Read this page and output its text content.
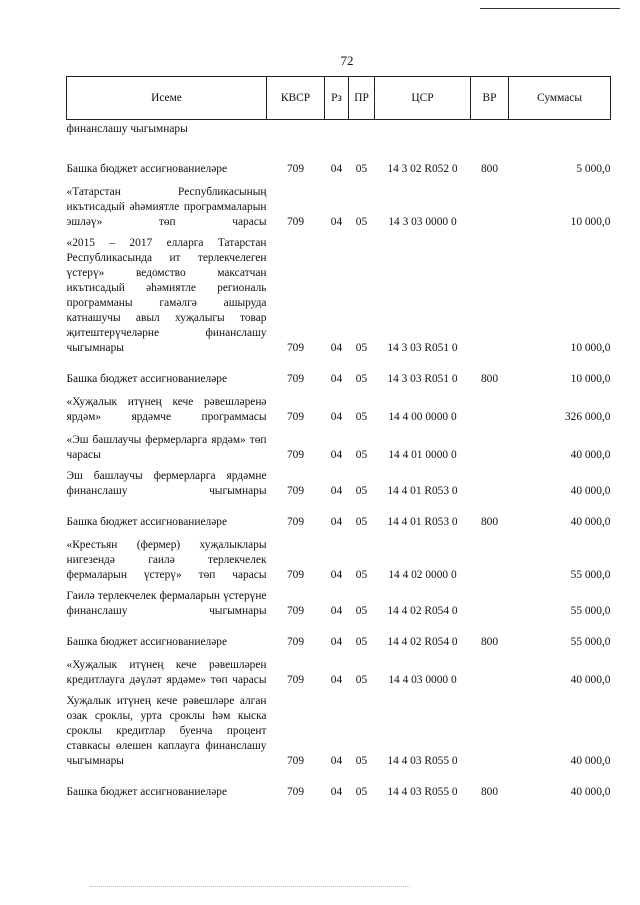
72
Исеме	КВСР	Рз	ПР	ЦСР	ВР	Суммасы
финанслашу чыгымнары						
Башка бюджет ассигнованиеләре	709	04	05	14 3 02 R052 0	800	5 000,0
«Татарстан Республикасының икътисадый әһәмиятле программаларын эшләү» төп чарасы	709	04	05	14 3 03 0000 0		10 000,0
«2015 – 2017 елларга Татарстан Республикасында ит терлекчелеген үстерү» ведомство максатчан икътисадый әһәмиятле региональ программаны гамәлгә ашыруда катнашучы авыл хуҗалыгы товар җитештерүчеләрне финанслашу чыгымнары	709	04	05	14 3 03 R051 0		10 000,0
Башка бюджет ассигнованиеләре	709	04	05	14 3 03 R051 0	800	10 000,0
«Хуҗалык итүнең кече рәвешләренә ярдәм» ярдәмче программасы	709	04	05	14 4 00 0000 0		326 000,0
«Эш башлаучы фермерларга ярдәм» төп чарасы	709	04	05	14 4 01 0000 0		40 000,0
Эш башлаучы фермерларга ярдәмне финанслашу чыгымнары	709	04	05	14 4 01 R053 0		40 000,0
Башка бюджет ассигнованиеләре	709	04	05	14 4 01 R053 0	800	40 000,0
«Крестьян (фермер) хуҗалыклары нигезендә гаилә терлекчелек фермаларын үстерү» төп чарасы	709	04	05	14 4 02 0000 0		55 000,0
Гаилә терлекчелек фермаларын үстерүне финанслашу чыгымнары	709	04	05	14 4 02 R054 0		55 000,0
Башка бюджет ассигнованиеләре	709	04	05	14 4 02 R054 0	800	55 000,0
«Хуҗалык итүнең кече рәвешләрен кредитлауга дәүләт ярдәме» төп чарасы	709	04	05	14 4 03 0000 0		40 000,0
Хуҗалык итүнең кече рәвешләре алган озак сроклы, урта сроклы һәм кыска сроклы кредитлар буенча процент ставкасы өлешен каплауга финанслашу чыгымнары	709	04	05	14 4 03 R055 0		40 000,0
Башка бюджет ассигнованиеләре	709	04	05	14 4 03 R055 0	800	40 000,0
